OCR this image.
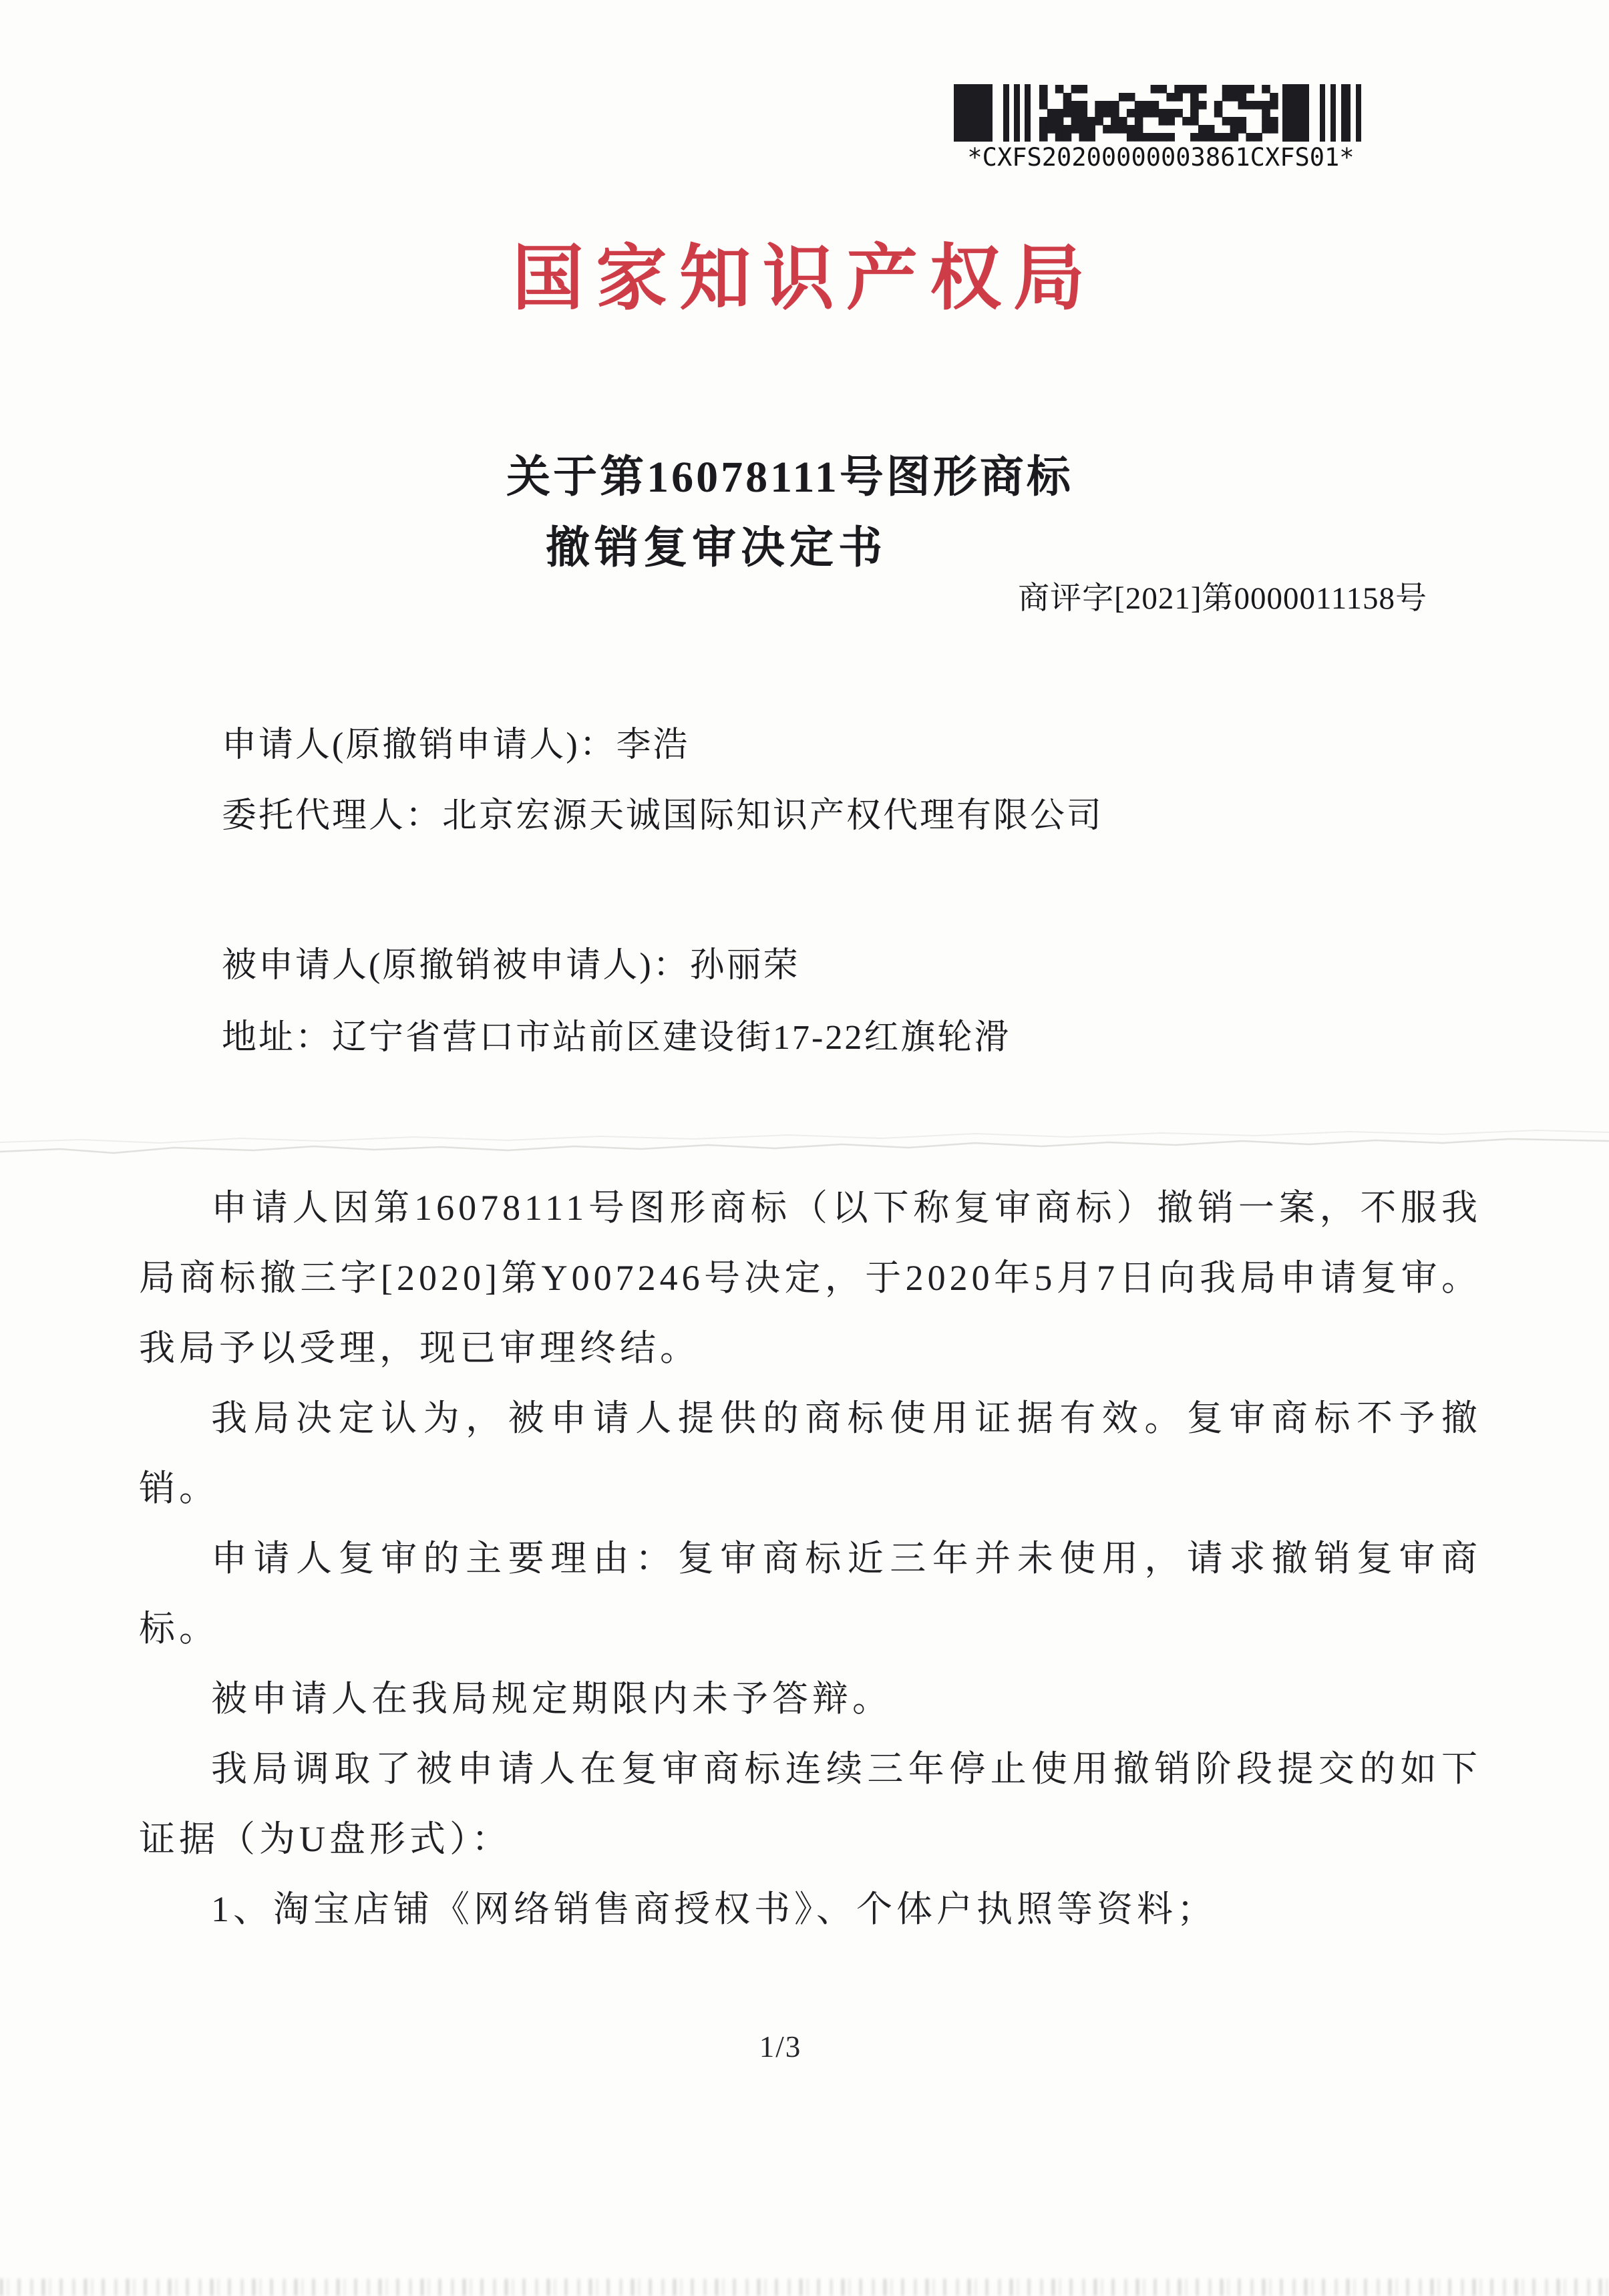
*CXFS20200000003861CXFS01*
国家知识产权局
关于第16078111号图形商标
撤销复审决定书
商评字[2021]第0000011158号
申请人(原撤销申请人)：李浩
委托代理人：北京宏源天诚国际知识产权代理有限公司
被申请人(原撤销被申请人)：孙丽荣
地址：辽宁省营口市站前区建设街17-22红旗轮滑

申请人因第16078111号图形商标（以下称复审商标）撤销一案，不服我局商标撤三字[2020]第Y007246号决定，于2020年5月7日向我局申请复审。我局予以受理，现已审理终结。

我局决定认为，被申请人提供的商标使用证据有效。复审商标不予撤销。

申请人复审的主要理由：复审商标近三年并未使用，请求撤销复审商标。

被申请人在我局规定期限内未予答辩。

我局调取了被申请人在复审商标连续三年停止使用撤销阶段提交的如下证据（为U盘形式）：

1、淘宝店铺《网络销售商授权书》、个体户执照等资料；

1/3
